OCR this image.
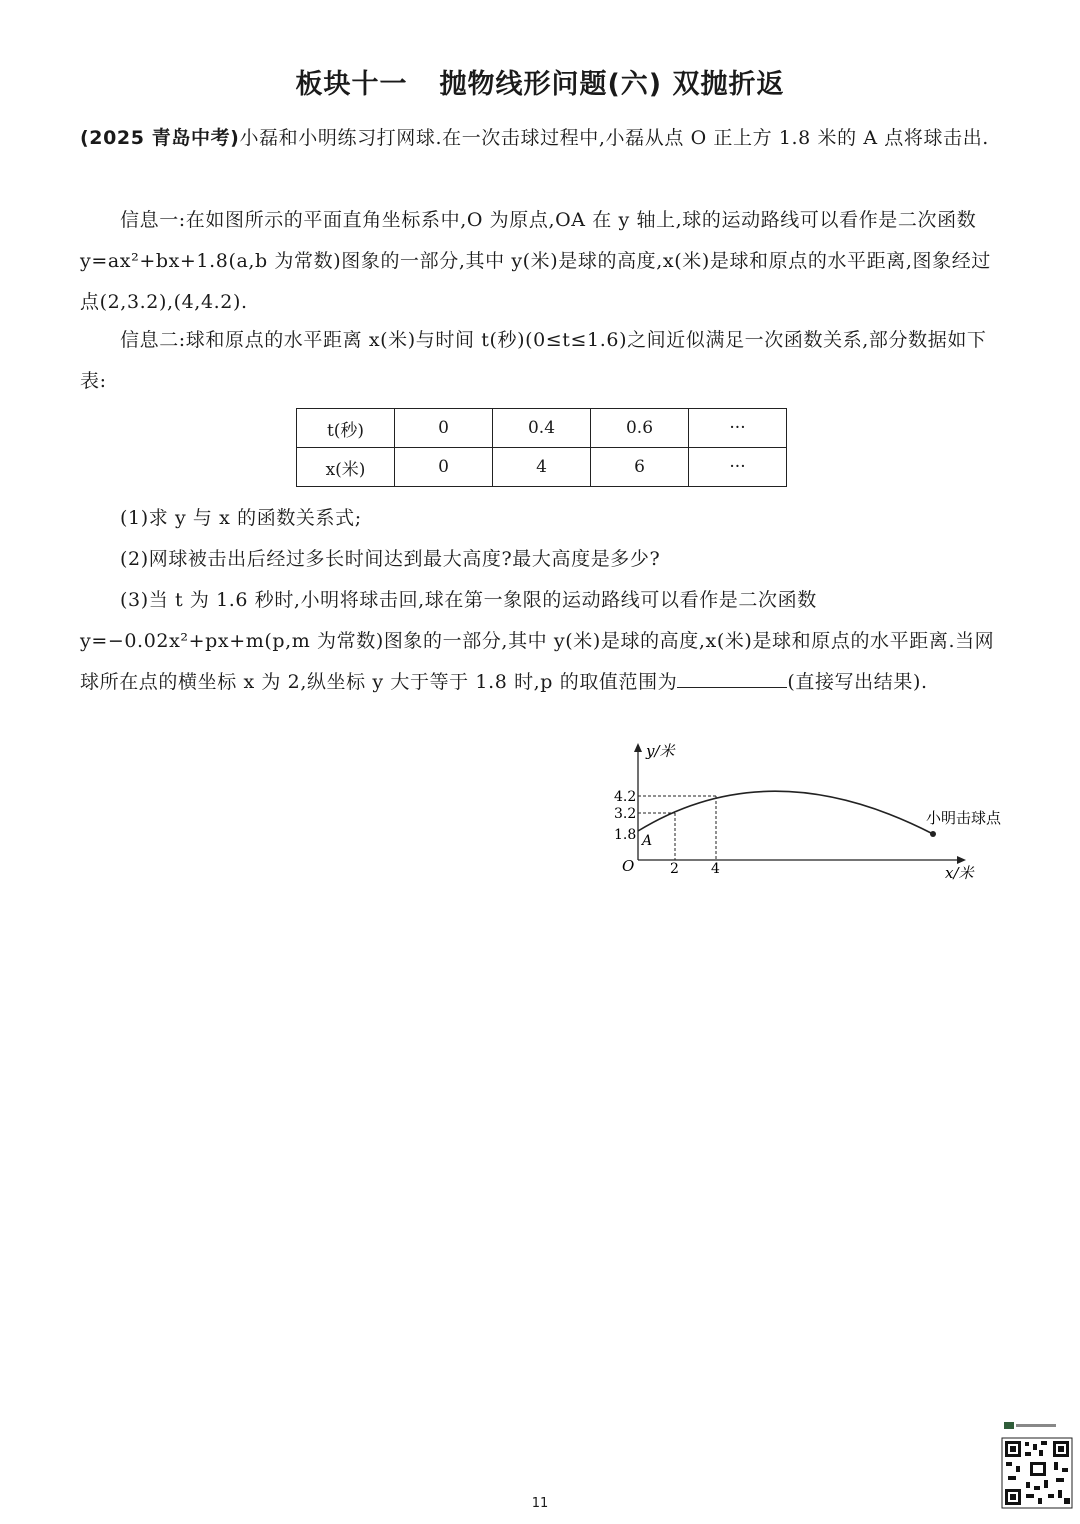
板块十一 抛物线形问题(六) 双抛折返
(2025 青岛中考)小磊和小明练习打网球.在一次击球过程中,小磊从点 O 正上方 1.8 米的 A 点将球击出.
信息一:在如图所示的平面直角坐标系中,O 为原点,OA 在 y 轴上,球的运动路线可以看作是二次函数 y=ax²+bx+1.8(a,b 为常数)图象的一部分,其中 y(米)是球的高度,x(米)是球和原点的水平距离,图象经过点(2,3.2),(4,4.2).
信息二:球和原点的水平距离 x(米)与时间 t(秒)(0≤t≤1.6)之间近似满足一次函数关系,部分数据如下表:
t(秒)	0	0.4	0.6	···
x(米)	0	4	6	···
(1)求 y 与 x 的函数关系式;
(2)网球被击出后经过多长时间达到最大高度?最大高度是多少?
(3)当 t 为 1.6 秒时,小明将球击回,球在第一象限的运动路线可以看作是二次函数 y=−0.02x²+px+m(p,m 为常数)图象的一部分,其中 y(米)是球的高度,x(米)是球和原点的水平距离.当网球所在点的横坐标 x 为 2,纵坐标 y 大于等于 1.8 时,p 的取值范围为	(直接写出结果).
y/米
x/米
O
A
4.2
3.2
1.8
2 4
小明击球点
11
